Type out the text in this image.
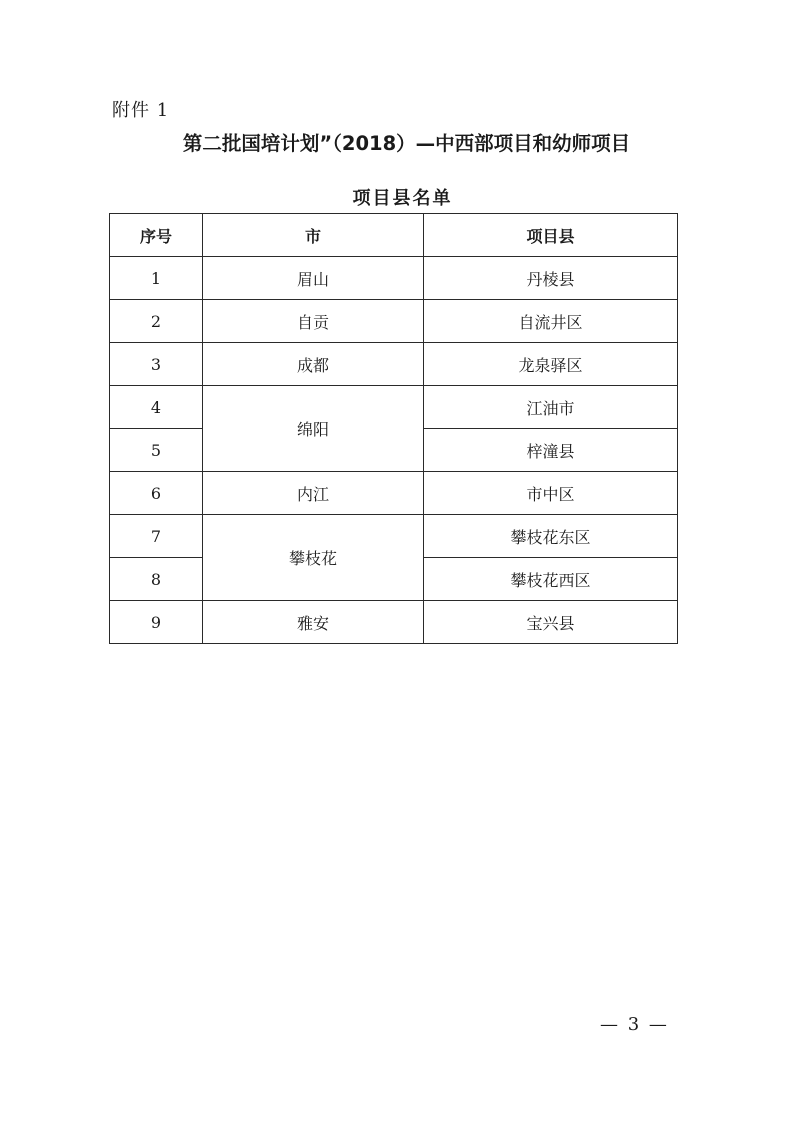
附件 1
第二批国培计划”（2018）—中西部项目和幼师项目
项目县名单
序号	市	项目县
1	眉山	丹棱县
2	自贡	自流井区
3	成都	龙泉驿区
4	绵阳	江油市
5		梓潼县
6	内江	市中区
7	攀枝花	攀枝花东区
8		攀枝花西区
9	雅安	宝兴县
— 3 —
